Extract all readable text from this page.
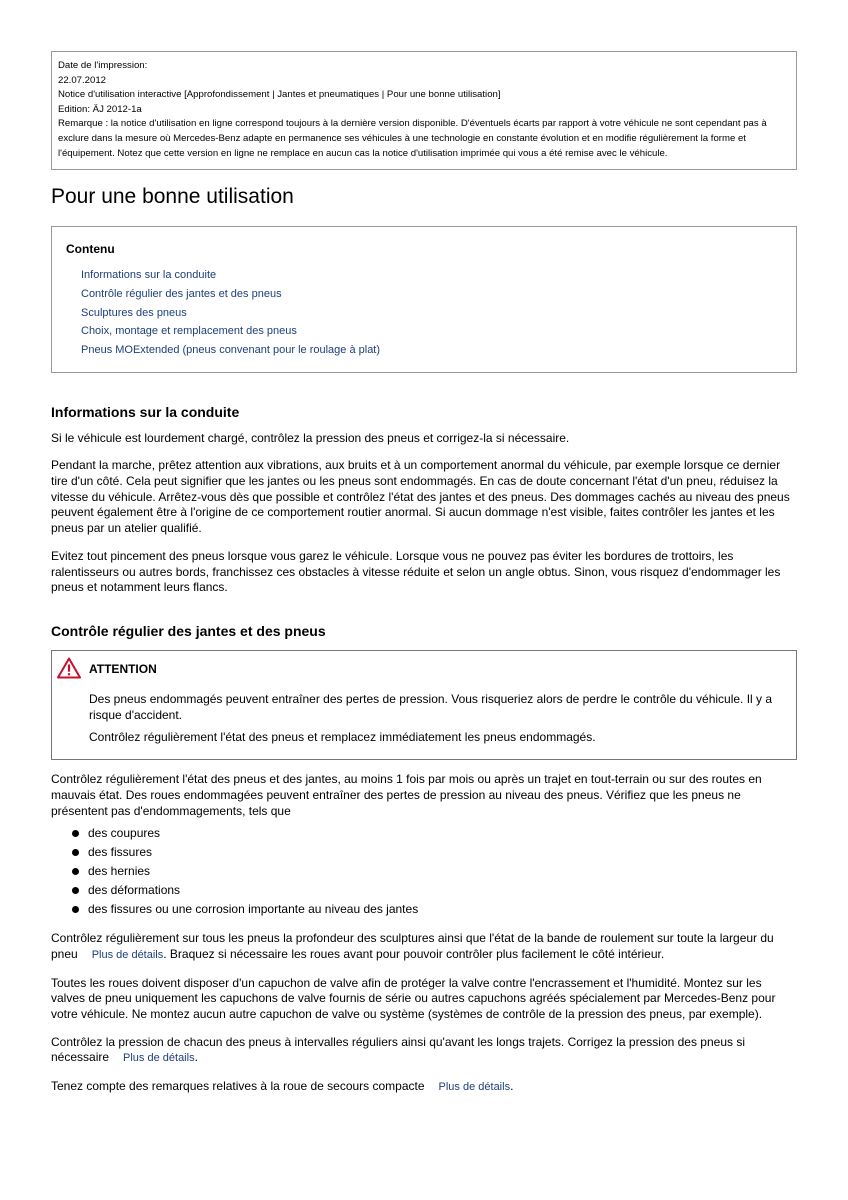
Date de l'impression:
22.07.2012
Notice d'utilisation interactive [Approfondissement | Jantes et pneumatiques | Pour une bonne utilisation]
Edition: ÄJ 2012-1a
Remarque : la notice d'utilisation en ligne correspond toujours à la dernière version disponible. D'éventuels écarts par rapport à votre véhicule ne sont cependant pas à exclure dans la mesure où Mercedes-Benz adapte en permanence ses véhicules à une technologie en constante évolution et en modifie régulièrement la forme et l'équipement. Notez que cette version en ligne ne remplace en aucun cas la notice d'utilisation imprimée qui vous a été remise avec le véhicule.
Pour une bonne utilisation
Contenu
Informations sur la conduite
Contrôle régulier des jantes et des pneus
Sculptures des pneus
Choix, montage et remplacement des pneus
Pneus MOExtended (pneus convenant pour le roulage à plat)
Informations sur la conduite

Si le véhicule est lourdement chargé, contrôlez la pression des pneus et corrigez-la si nécessaire.

Pendant la marche, prêtez attention aux vibrations, aux bruits et à un comportement anormal du véhicule, par exemple lorsque ce dernier tire d'un côté. Cela peut signifier que les jantes ou les pneus sont endommagés. En cas de doute concernant l'état d'un pneu, réduisez la vitesse du véhicule. Arrêtez-vous dès que possible et contrôlez l'état des jantes et des pneus. Des dommages cachés au niveau des pneus peuvent également être à l'origine de ce comportement routier anormal. Si aucun dommage n'est visible, faites contrôler les jantes et les pneus par un atelier qualifié.

Evitez tout pincement des pneus lorsque vous garez le véhicule. Lorsque vous ne pouvez pas éviter les bordures de trottoirs, les ralentisseurs ou autres bords, franchissez ces obstacles à vitesse réduite et selon un angle obtus. Sinon, vous risquez d'endommager les pneus et notamment leurs flancs.

Contrôle régulier des jantes et des pneus
ATTENTION

Des pneus endommagés peuvent entraîner des pertes de pression. Vous risqueriez alors de perdre le contrôle du véhicule. Il y a risque d'accident.

Contrôlez régulièrement l'état des pneus et remplacez immédiatement les pneus endommagés.

Contrôlez régulièrement l'état des pneus et des jantes, au moins 1 fois par mois ou après un trajet en tout-terrain ou sur des routes en mauvais état. Des roues endommagées peuvent entraîner des pertes de pression au niveau des pneus. Vérifiez que les pneus ne présentent pas d'endommagements, tels que

des coupures
des fissures
des hernies
des déformations
des fissures ou une corrosion importante au niveau des jantes

Contrôlez régulièrement sur tous les pneus la profondeur des sculptures ainsi que l'état de la bande de roulement sur toute la largeur du pneu Plus de détails. Braquez si nécessaire les roues avant pour pouvoir contrôler plus facilement le côté intérieur.

Toutes les roues doivent disposer d'un capuchon de valve afin de protéger la valve contre l'encrassement et l'humidité. Montez sur les valves de pneu uniquement les capuchons de valve fournis de série ou autres capuchons agréés spécialement par Mercedes-Benz pour votre véhicule. Ne montez aucun autre capuchon de valve ou système (systèmes de contrôle de la pression des pneus, par exemple).

Contrôlez la pression de chacun des pneus à intervalles réguliers ainsi qu'avant les longs trajets. Corrigez la pression des pneus si nécessaire Plus de détails.

Tenez compte des remarques relatives à la roue de secours compacte Plus de détails.
